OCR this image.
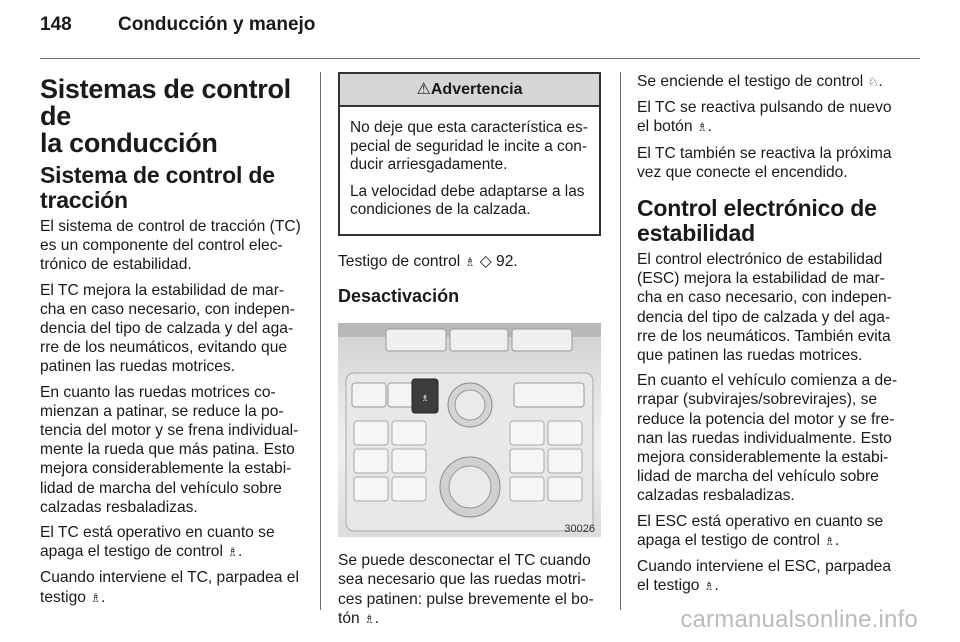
148 Conducción y manejo
Sistemas de control de
la conducción
Sistema de control de
tracción

El sistema de control de tracción (TC)
es un componente del control elec-
trónico de estabilidad.

El TC mejora la estabilidad de mar-
cha en caso necesario, con indepen-
dencia del tipo de calzada y del aga-
rre de los neumáticos, evitando que
patinen las ruedas motrices.

En cuanto las ruedas motrices co-
mienzan a patinar, se reduce la po-
tencia del motor y se frena individual-
mente la rueda que más patina. Esto
mejora considerablemente la estabi-
lidad de marcha del vehículo sobre
calzadas resbaladizas.

El TC está operativo en cuanto se
apaga el testigo de control ♗.

Cuando interviene el TC, parpadea el
testigo ♗.

⚠Advertencia

No deje que esta característica es-
pecial de seguridad le incite a con-
ducir arriesgadamente.

La velocidad debe adaptarse a las
condiciones de la calzada.

Testigo de control ♗ ◇ 92.

Desactivación
♗
30026

Se puede desconectar el TC cuando
sea necesario que las ruedas motri-
ces patinen: pulse brevemente el bo-
tón ♗.

Se enciende el testigo de control ♘.

El TC se reactiva pulsando de nuevo
el botón ♗.

El TC también se reactiva la próxima
vez que conecte el encendido.

Control electrónico de
estabilidad

El control electrónico de estabilidad
(ESC) mejora la estabilidad de mar-
cha en caso necesario, con indepen-
dencia del tipo de calzada y del aga-
rre de los neumáticos. También evita
que patinen las ruedas motrices.

En cuanto el vehículo comienza a de-
rrapar (subvirajes/sobrevirajes), se
reduce la potencia del motor y se fre-
nan las ruedas individualmente. Esto
mejora considerablemente la estabi-
lidad de marcha del vehículo sobre
calzadas resbaladizas.

El ESC está operativo en cuanto se
apaga el testigo de control ♗.

Cuando interviene el ESC, parpadea
el testigo ♗.

carmanualsonline.info
